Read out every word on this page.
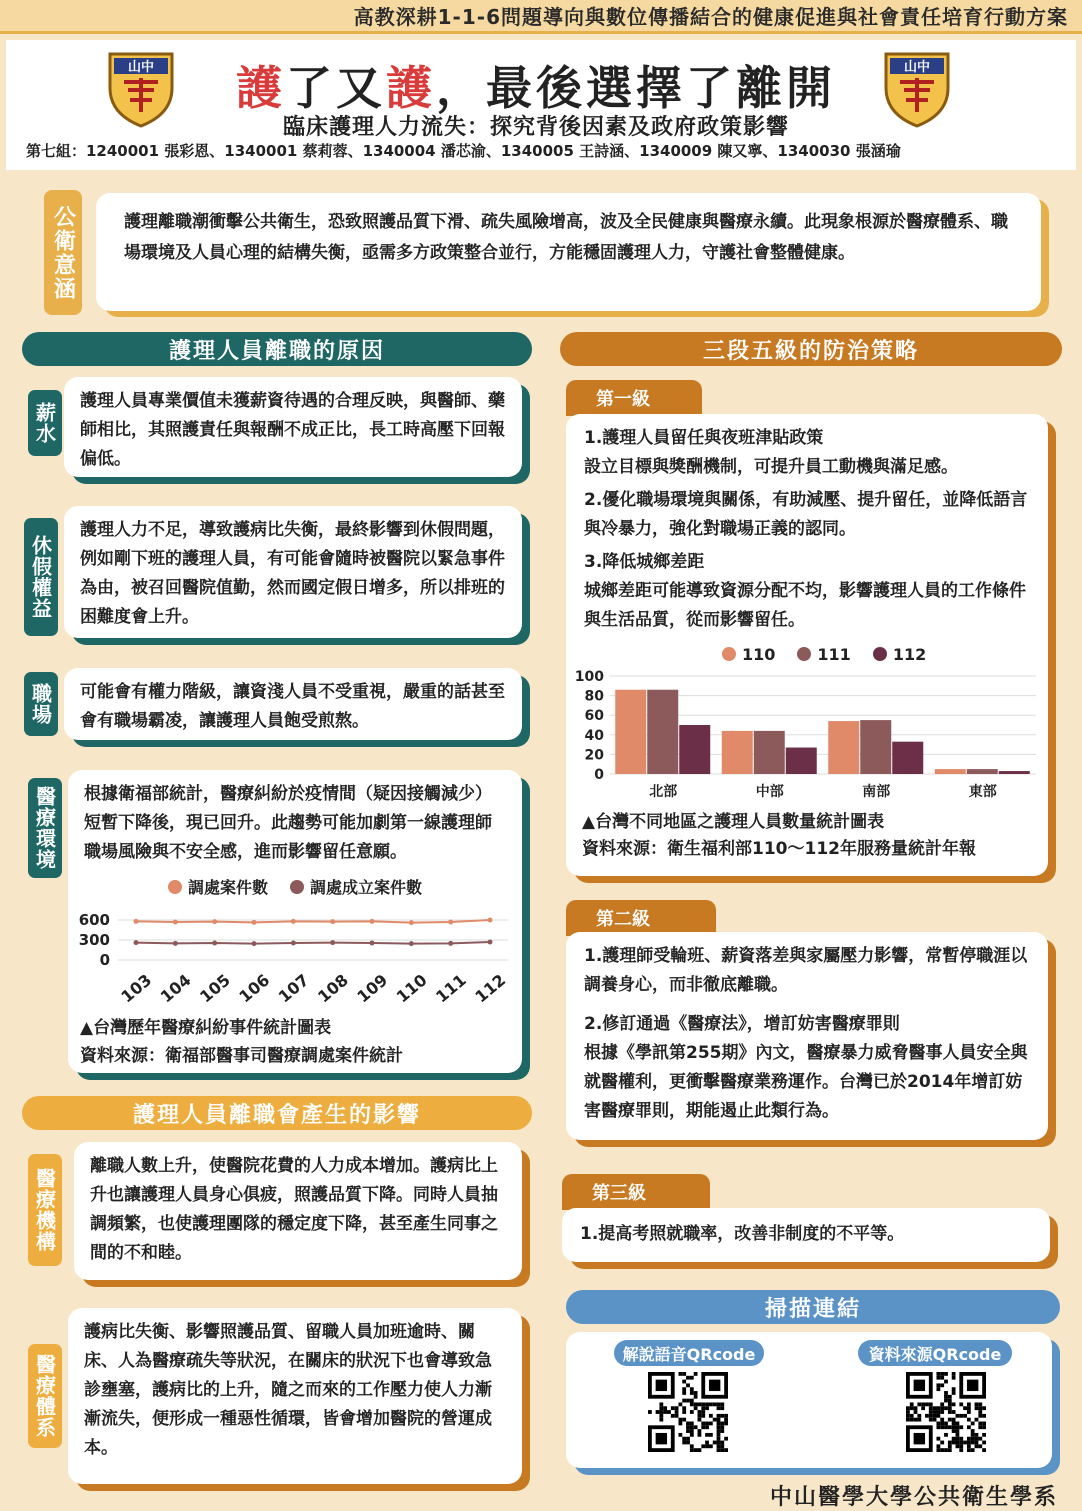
高教深耕1-1-6問題導向與數位傳播結合的健康促進與社會責任培育行動方案
山中	山中
護了又護，最後選擇了離開
臨床護理人力流失：探究背後因素及政府政策影響
第七組：1240001 張彩恩、1340001 蔡莉蓉、1340004 潘芯渝、1340005 王詩涵、1340009 陳又寧、1340030 張涵瑜
公衛意涵	護理離職潮衝擊公共衛生，恐致照護品質下滑、疏失風險增高，波及全民健康與醫療永續。此現象根源於醫療體系、職場環境及人員心理的結構失衡，亟需多方政策整合並行，方能穩固護理人力，守護社會整體健康。
護理人員離職的原因
薪水
護理人員專業價值未獲薪資待遇的合理反映，與醫師、藥師相比，其照護責任與報酬不成正比，長工時高壓下回報偏低。
休假權益
護理人力不足，導致護病比失衡，最終影響到休假問題，例如剛下班的護理人員，有可能會隨時被醫院以緊急事件為由，被召回醫院值勤，然而國定假日增多，所以排班的困難度會上升。
職場	可能會有權力階級，讓資淺人員不受重視，嚴重的話甚至會有職場霸凌，讓護理人員飽受煎熬。
醫療環境 根據衛福部統計，醫療糾紛於疫情間（疑因接觸減少）短暫下降後，現已回升。此趨勢可能加劇第一線護理師職場風險與不安全感，進而影響留任意願。
調處案件數	調處成立案件數
0
300
600
103 104 105 106 107 108 109 110 111 112
▲台灣歷年醫療糾紛事件統計圖表
資料來源：衛福部醫事司醫療調處案件統計
護理人員離職會產生的影響
醫療機構
離職人數上升，使醫院花費的人力成本增加。護病比上升也讓護理人員身心俱疲，照護品質下降。同時人員抽調頻繁，也使護理團隊的穩定度下降，甚至產生同事之間的不和睦。
醫療體系
護病比失衡、影響照護品質、留職人員加班逾時、關床、人為醫療疏失等狀況，在關床的狀況下也會導致急診壅塞，護病比的上升，隨之而來的工作壓力使人力漸漸流失，便形成一種惡性循環，皆會增加醫院的營運成本。
三段五級的防治策略
第一級
1.護理人員留任與夜班津貼政策
設立目標與獎酬機制，可提升員工動機與滿足感。
2.優化職場環境與關係，有助減壓、提升留任，並降低語言與冷暴力，強化對職場正義的認同。
3.降低城鄉差距
城鄉差距可能導致資源分配不均，影響護理人員的工作條件與生活品質，從而影響留任。
110	111	112
0
20
40
60
80
100
北部	中部	南部	東部
▲台灣不同地區之護理人員數量統計圖表
資料來源：衛生福利部110～112年服務量統計年報
第二級
1.護理師受輪班、薪資落差與家屬壓力影響，常暫停職涯以調養身心，而非徹底離職。
2.修訂通過《醫療法》，增訂妨害醫療罪則
根據《學訊第255期》內文，醫療暴力威脅醫事人員安全與就醫權利，更衝擊醫療業務運作。台灣已於2014年增訂妨害醫療罪則，期能遏止此類行為。
第三級
1.提高考照就職率，改善非制度的不平等。
掃描連結
解說語音QRcode	資料來源QRcode
中山醫學大學公共衛生學系
